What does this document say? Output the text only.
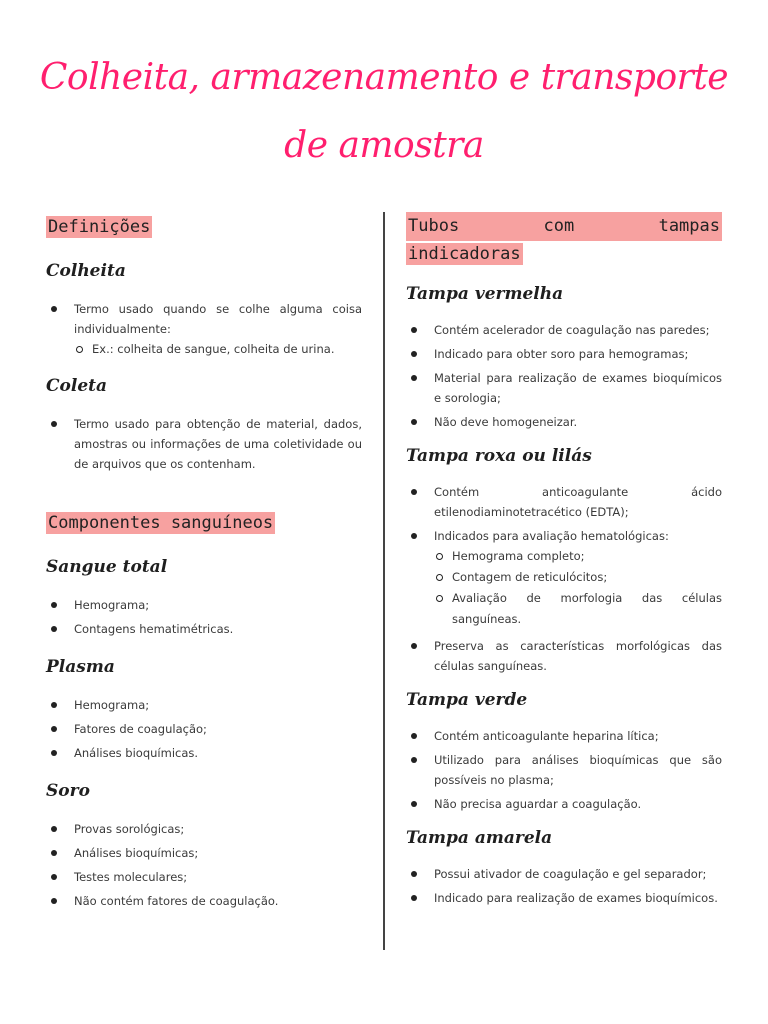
Colheita, armazenamento e transporte de amostra
Definições
Colheita
Termo usado quando se colhe alguma coisa individualmente:
Ex.: colheita de sangue, colheita de urina.
Coleta
Termo usado para obtenção de material, dados, amostras ou informações de uma coletividade ou de arquivos que os contenham.
Componentes sanguíneos
Sangue total
Hemograma;
Contagens hematimétricas.
Plasma
Hemograma;
Fatores de coagulação;
Análises bioquímicas.
Soro
Provas sorológicas;
Análises bioquímicas;
Testes moleculares;
Não contém fatores de coagulação.
Tubos com tampas
indicadoras
Tampa vermelha
Contém acelerador de coagulação nas paredes;
Indicado para obter soro para hemogramas;
Material para realização de exames bioquímicos e sorologia;
Não deve homogeneizar.
Tampa roxa ou lilás
Contém anticoagulante ácido etilenodiaminotetracético (EDTA);
Indicados para avaliação hematológicas:
Hemograma completo;
Contagem de reticulócitos;
Avaliação de morfologia das células sanguíneas.
Preserva as características morfológicas das células sanguíneas.
Tampa verde
Contém anticoagulante heparina lítica;
Utilizado para análises bioquímicas que são possíveis no plasma;
Não precisa aguardar a coagulação.
Tampa amarela
Possui ativador de coagulação e gel separador;
Indicado para realização de exames bioquímicos.
